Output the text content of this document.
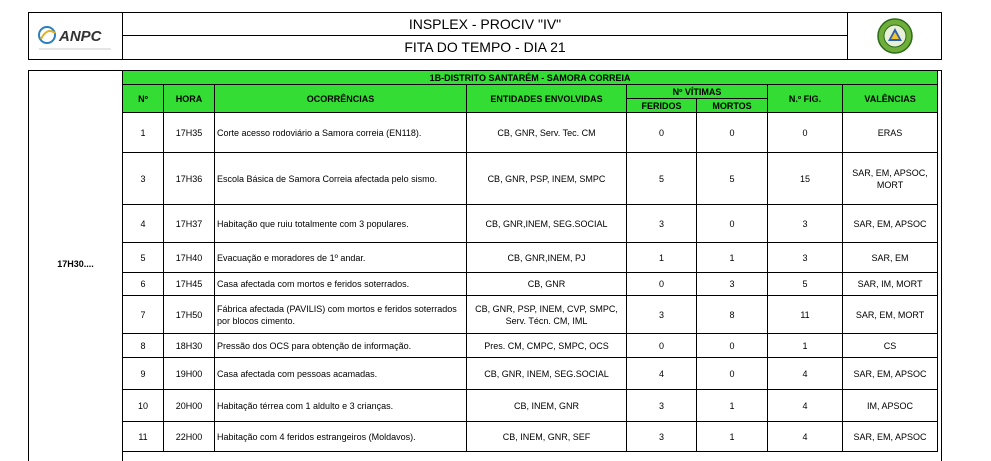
ANPC
INSPLEX - PROCIV "IV"
FITA DO TEMPO - DIA 21
17H30....
1B-DISTRITO SANTARÉM - SAMORA CORREIA							
Nº	HORA	OCORRÊNCIAS	ENTIDADES ENVOLVIDAS	Nº VÍTIMAS		N.º FIG.	VALÊNCIAS
				FERIDOS	MORTOS		
1	17H35	Corte acesso rodoviário a Samora correia (EN118).	CB, GNR, Serv. Tec. CM	0	0	0	ERAS
3	17H36	Escola Básica de Samora Correia afectada pelo sismo.	CB, GNR, PSP, INEM, SMPC	5	5	15	SAR, EM, APSOC, MORT
4	17H37	Habitação que ruiu totalmente com 3 populares.	CB, GNR,INEM, SEG.SOCIAL	3	0	3	SAR, EM, APSOC
5	17H40	Evacuação e moradores de 1º andar.	CB, GNR,INEM, PJ	1	1	3	SAR, EM
6	17H45	Casa afectada com mortos e feridos soterrados.	CB, GNR	0	3	5	SAR, IM, MORT
7	17H50	Fábrica afectada (PAVILIS) com mortos e feridos soterrados por blocos cimento.	CB, GNR, PSP, INEM, CVP, SMPC, Serv. Técn. CM, IML	3	8	11	SAR, EM, MORT
8	18H30	Pressão dos OCS para obtenção de informação.	Pres. CM, CMPC, SMPC, OCS	0	0	1	CS
9	19H00	Casa afectada com pessoas acamadas.	CB, GNR, INEM, SEG.SOCIAL	4	0	4	SAR, EM, APSOC
10	20H00	Habitação térrea com 1 aldulto e 3 crianças.	CB, INEM, GNR	3	1	4	IM, APSOC
11	22H00	Habitação com 4 feridos estrangeiros (Moldavos).	CB, INEM, GNR, SEF	3	1	4	SAR, EM, APSOC
